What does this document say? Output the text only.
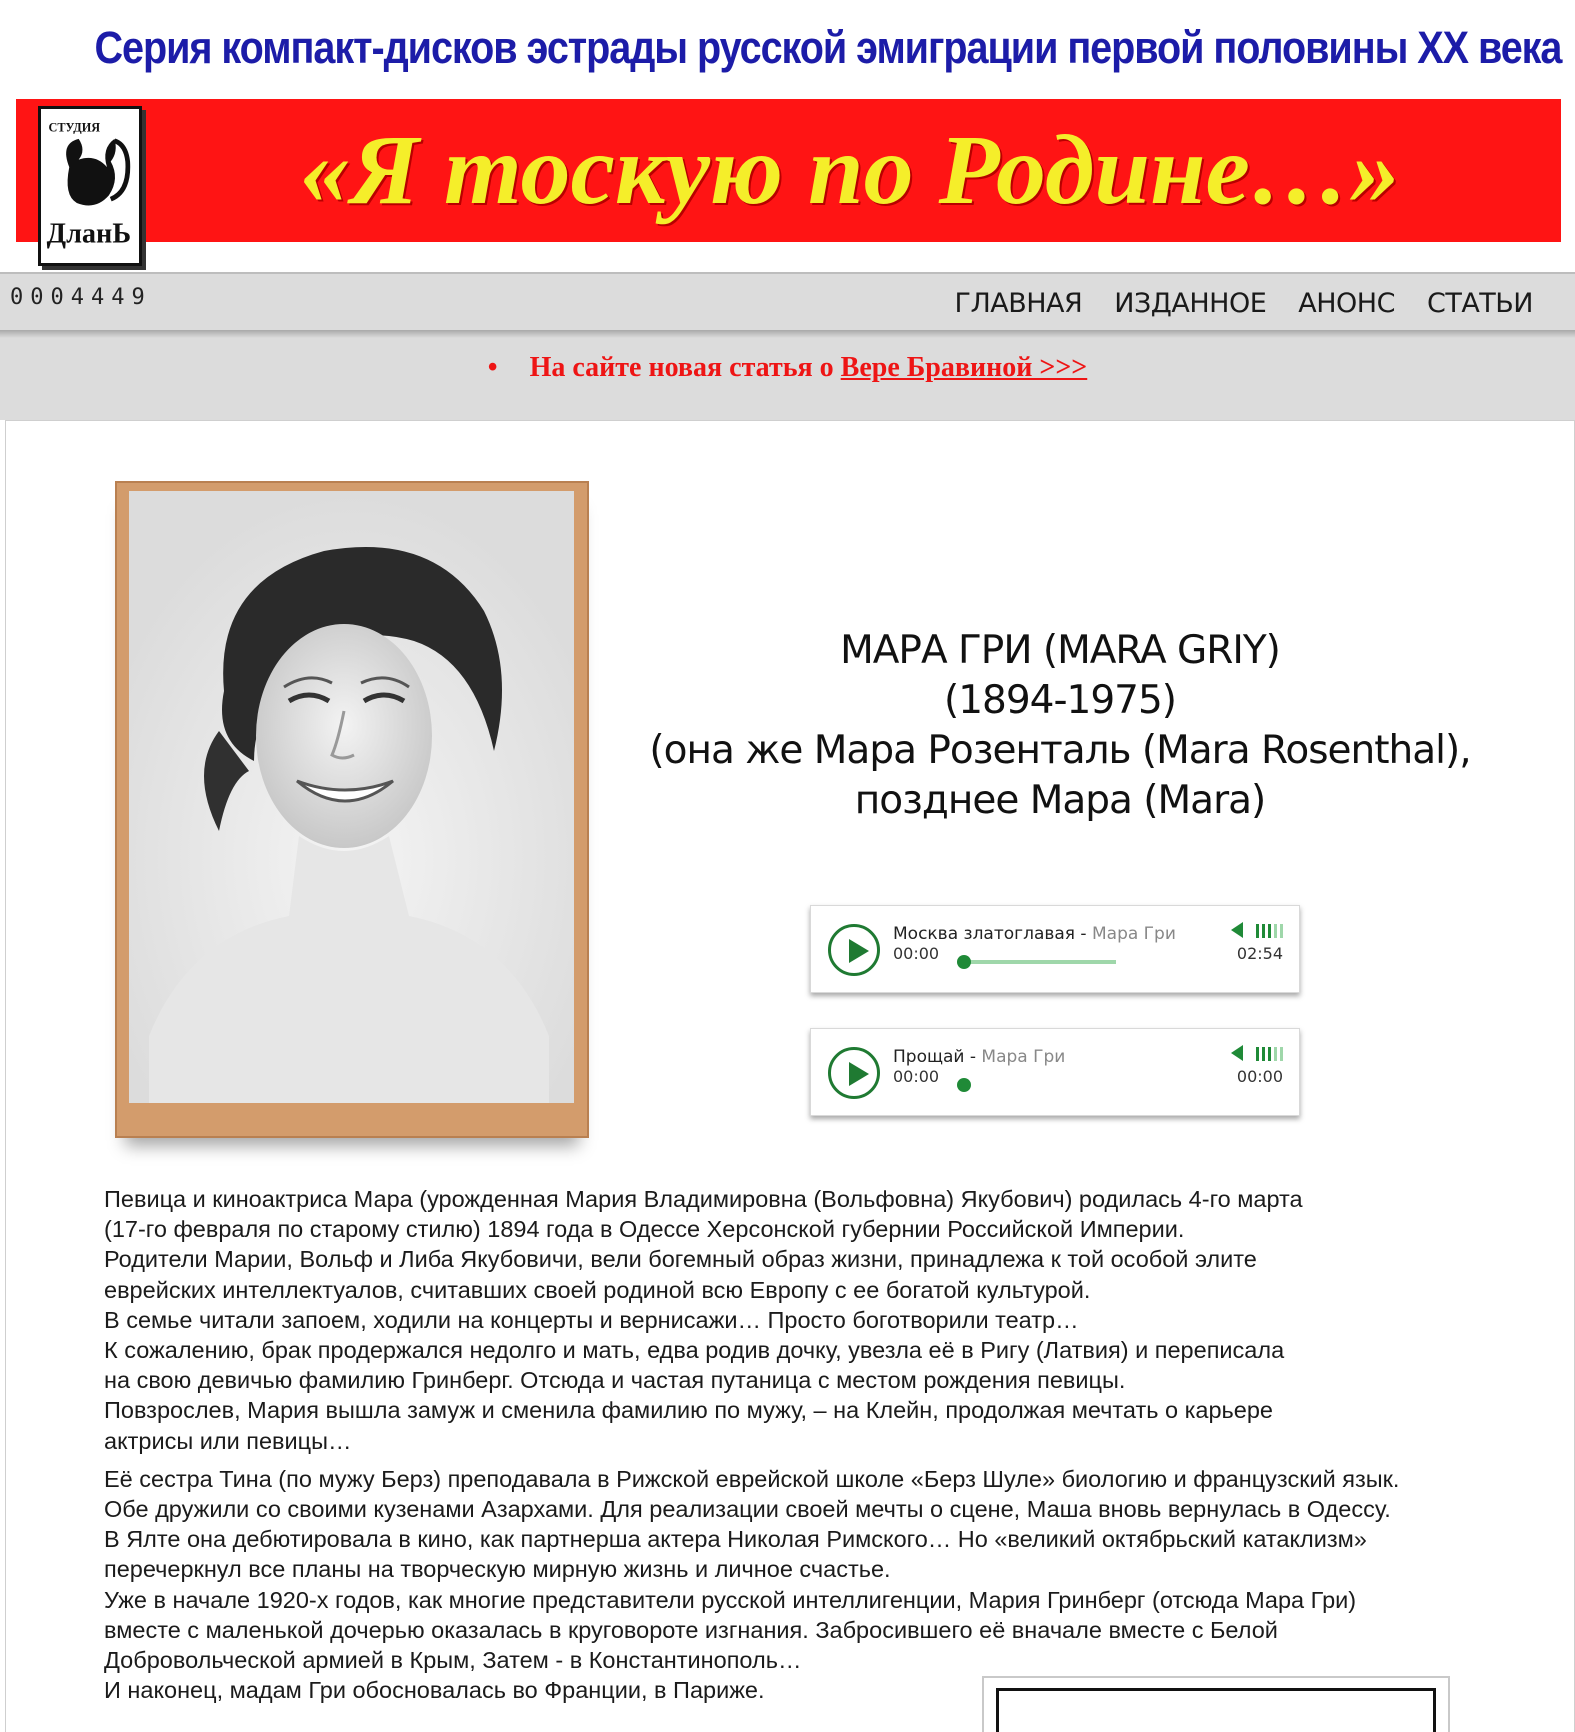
Серия компакт-дисков эстрады русской эмиграции первой половины XX века
«Я тоскую по Родине…»
СТУДИЯ
ДланЬ
0004449	ГЛАВНАЯ ИЗДАННОЕ АНОНС СТАТЬИ
• На сайте новая статья о Вере Бравиной >>>
МАРА ГРИ (MARA GRIY)
(1894-1975)
(она же Мара Розенталь (Mara Rosenthal),
позднее Мара (Mara)
Москва златоглавая - Мара Гри
00:00	02:54
Прощай - Мара Гри
00:00	00:00

Певица и киноактриса Мара (урожденная Мария Владимировна (Вольфовна) Якубович) родилась 4-го марта
(17-го февраля по старому стилю) 1894 года в Одессе Херсонской губернии Российской Империи.
Родители Марии, Вольф и Либа Якубовичи, вели богемный образ жизни, принадлежа к той особой элите
еврейских интеллектуалов, считавших своей родиной всю Европу с ее богатой культурой.
В семье читали запоем, ходили на концерты и вернисажи… Просто боготворили театр…
К сожалению, брак продержался недолго и мать, едва родив дочку, увезла её в Ригу (Латвия) и переписала
на свою девичью фамилию Гринберг. Отсюда и частая путаница с местом рождения певицы.
Повзрослев, Мария вышла замуж и сменила фамилию по мужу, – на Клейн, продолжая мечтать о карьере
актрисы или певицы…

Её сестра Тина (по мужу Берз) преподавала в Рижской еврейской школе «Берз Шуле» биологию и французский язык.
Обе дружили со своими кузенами Азархами. Для реализации своей мечты о сцене, Маша вновь вернулась в Одессу.
В Ялте она дебютировала в кино, как партнерша актера Николая Римского… Но «великий октябрьский катаклизм»
перечеркнул все планы на творческую мирную жизнь и личное счастье.
Уже в начале 1920-х годов, как многие представители русской интеллигенции, Мария Гринберг (отсюда Мара Гри)
вместе с маленькой дочерью оказалась в круговороте изгнания. Забросившего её вначале вместе с Белой
Добровольческой армией в Крым, Затем - в Константинополь…
И наконец, мадам Гри обосновалась во Франции, в Париже.
